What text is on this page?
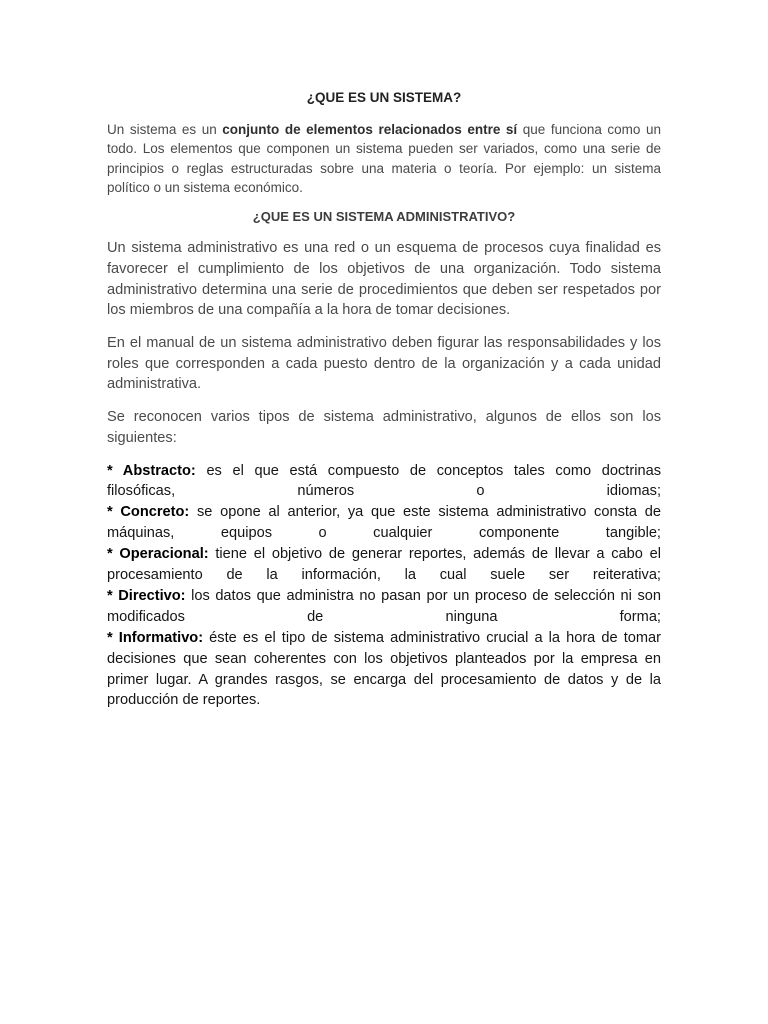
¿QUE ES UN SISTEMA?

Un sistema es un conjunto de elementos relacionados entre sí que funciona como un todo. Los elementos que componen un sistema pueden ser variados, como una serie de principios o reglas estructuradas sobre una materia o teoría. Por ejemplo: un sistema político o un sistema económico.

¿QUE ES UN SISTEMA ADMINISTRATIVO?

Un sistema administrativo es una red o un esquema de procesos cuya finalidad es favorecer el cumplimiento de los objetivos de una organización. Todo sistema administrativo determina una serie de procedimientos que deben ser respetados por los miembros de una compañía a la hora de tomar decisiones.

En el manual de un sistema administrativo deben figurar las responsabilidades y los roles que corresponden a cada puesto dentro de la organización y a cada unidad administrativa.

Se reconocen varios tipos de sistema administrativo, algunos de ellos son los siguientes:

* Abstracto: es el que está compuesto de conceptos tales como doctrinas
filosóficas, números o idiomas;
* Concreto: se opone al anterior, ya que este sistema administrativo consta de
máquinas, equipos o cualquier componente tangible;
* Operacional: tiene el objetivo de generar reportes, además de llevar a cabo el
procesamiento de la información, la cual suele ser reiterativa;
* Directivo: los datos que administra no pasan por un proceso de selección ni son
modificados de ninguna forma;
* Informativo: éste es el tipo de sistema administrativo crucial a la hora de tomar
decisiones que sean coherentes con los objetivos planteados por la empresa en
primer lugar. A grandes rasgos, se encarga del procesamiento de datos y de la
producción de reportes.
